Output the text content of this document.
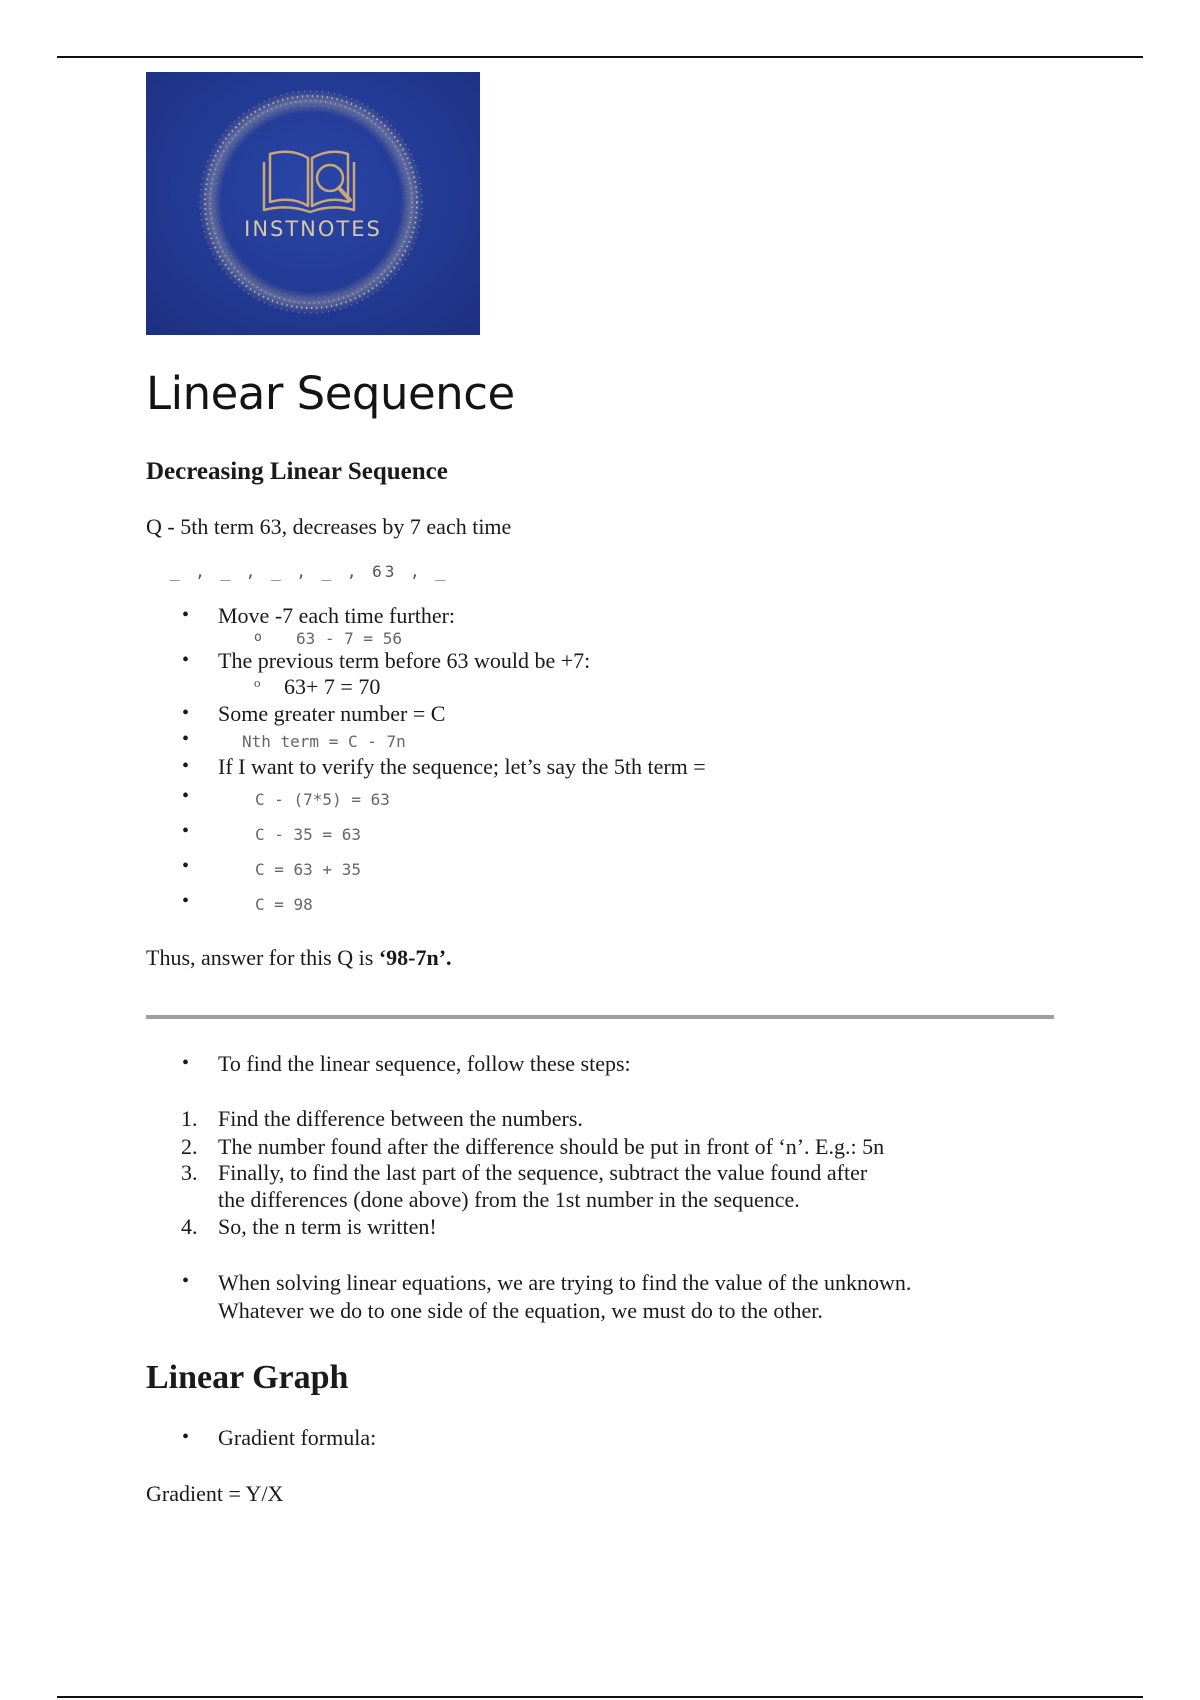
INSTNOTES
Linear Sequence
Decreasing Linear Sequence

Q - 5th term 63, decreases by 7 each time

_ , _ , _ , _ , 63 , _
• Move -7 each time further:
o 63 - 7 = 56
• The previous term before 63 would be +7:
o 63+ 7 = 70
• Some greater number = C
• Nth term = C - 7n
• If I want to verify the sequence; let’s say the 5th term =
• C - (7*5) = 63
• C - 35 = 63
• C = 63 + 35
• C = 98

Thus, answer for this Q is ‘98-7n’.

• To find the linear sequence, follow these steps:
1. Find the difference between the numbers.
2. The number found after the difference should be put in front of ‘n’. E.g.: 5n
3. Finally, to find the last part of the sequence, subtract the value found after the differences (done above) from the 1st number in the sequence.
4. So, the n term is written!
• When solving linear equations, we are trying to find the value of the unknown. Whatever we do to one side of the equation, we must do to the other.
Linear Graph
• Gradient formula:

Gradient = Y/X
